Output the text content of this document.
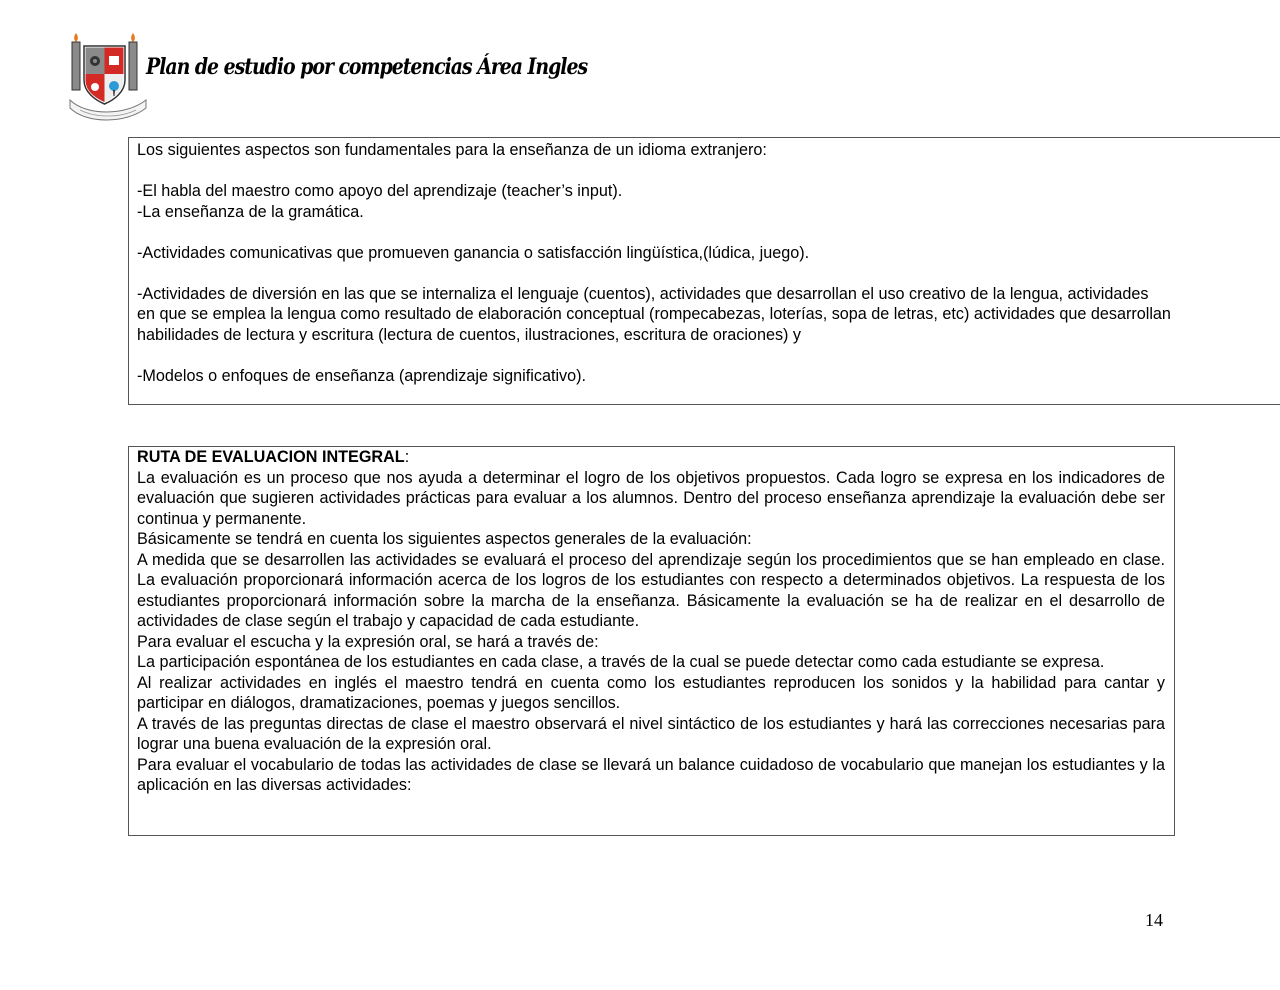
Plan de estudio por competencias Área Ingles

Los siguientes aspectos son fundamentales para la enseñanza de un idioma extranjero:

-El habla del maestro como apoyo del aprendizaje (teacher’s input).

-La enseñanza de la gramática.

-Actividades comunicativas que promueven ganancia o satisfacción lingüística,(lúdica, juego).

-Actividades de diversión en las que se internaliza el lenguaje (cuentos), actividades que desarrollan el uso creativo de la lengua, actividades

en que se emplea la lengua como resultado de elaboración conceptual (rompecabezas, loterías, sopa de letras, etc) actividades que desarrollan

habilidades de lectura y escritura (lectura de cuentos, ilustraciones, escritura de oraciones) y

-Modelos o enfoques de enseñanza (aprendizaje significativo).

RUTA DE EVALUACION INTEGRAL:

La evaluación es un proceso que nos ayuda a determinar el logro de los objetivos propuestos. Cada logro se expresa en los indicadores de evaluación que sugieren actividades prácticas para evaluar a los alumnos. Dentro del proceso enseñanza aprendizaje la evaluación debe ser continua y permanente.

Básicamente se tendrá en cuenta los siguientes aspectos generales de la evaluación:

A medida que se desarrollen las actividades se evaluará el proceso del aprendizaje según los procedimientos que se han empleado en clase. La evaluación proporcionará información acerca de los logros de los estudiantes con respecto a determinados objetivos. La respuesta de los estudiantes proporcionará información sobre la marcha de la enseñanza. Básicamente la evaluación se ha de realizar en el desarrollo de actividades de clase según el trabajo y capacidad de cada estudiante.

Para evaluar el escucha y la expresión oral, se hará a través de:

La participación espontánea de los estudiantes en cada clase, a través de la cual se puede detectar como cada estudiante se expresa.

Al realizar actividades en inglés el maestro tendrá en cuenta como los estudiantes reproducen los sonidos y la habilidad para cantar y participar en diálogos, dramatizaciones, poemas y juegos sencillos.

A través de las preguntas directas de clase el maestro observará el nivel sintáctico de los estudiantes y hará las correcciones necesarias para lograr una buena evaluación de la expresión oral.

Para evaluar el vocabulario de todas las actividades de clase se llevará un balance cuidadoso de vocabulario que manejan los estudiantes y la aplicación en las diversas actividades:

14
